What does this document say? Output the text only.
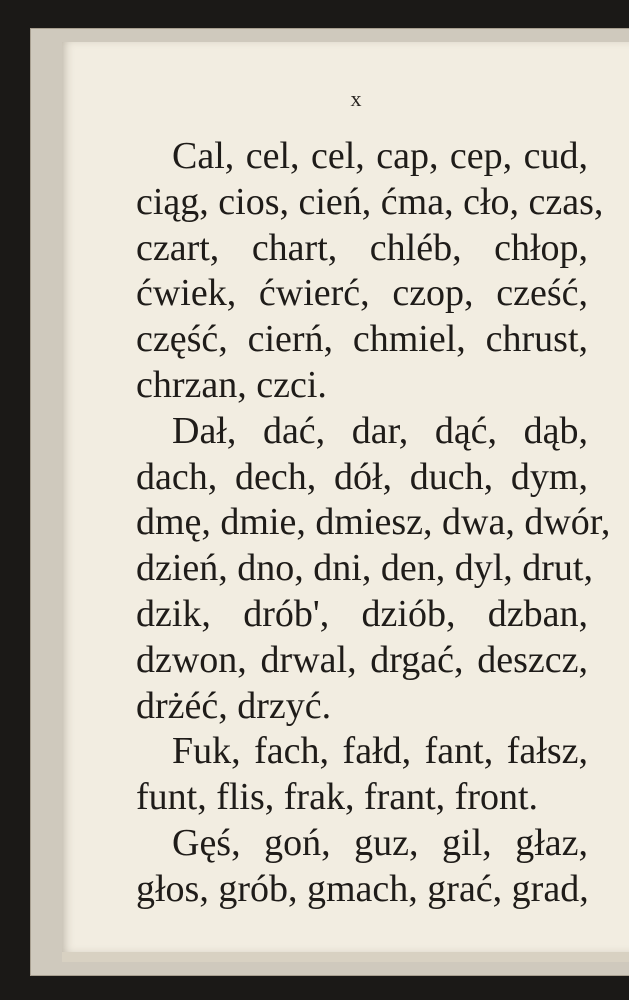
x

Cal, cel, cel, cap, cep, cud,
ciąg, cios, cień, ćma, cło, czas,
czart, chart, chléb, chłop,
ćwiek, ćwierć, czop, cześć,
część, cierń, chmiel, chrust,
chrzan, czci.

Dał, dać, dar, dąć, dąb,
dach, dech, dół, duch, dym,
dmę, dmie, dmiesz, dwa, dwór,
dzień, dno, dni, den, dyl, drut,
dzik, drób', dziób, dzban,
dzwon, drwal, drgać, deszcz,
drżéć, drzyć.

Fuk, fach, fałd, fant, fałsz,
funt, flis, frak, frant, front.

Gęś, goń, guz, gil, głaz,
głos, grób, gmach, grać, grad,
